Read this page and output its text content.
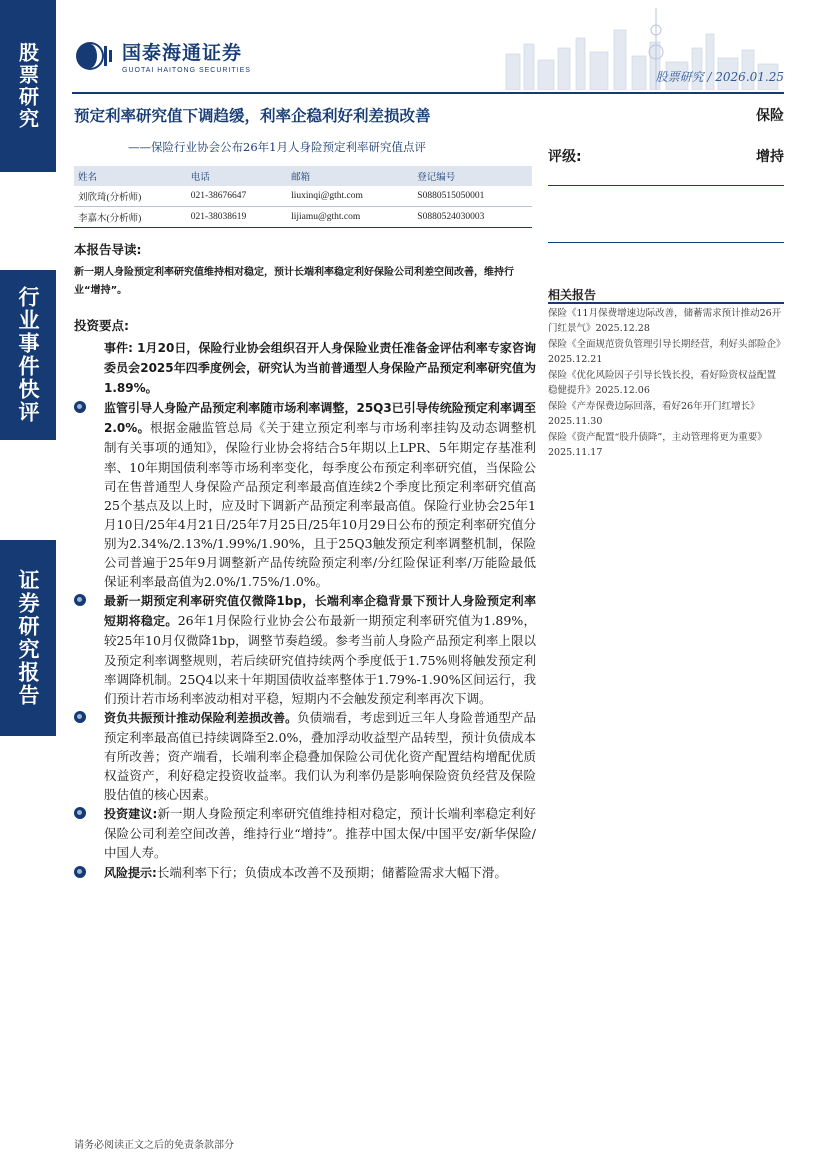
股票研究
行业事件快评
证券研究报告
国泰海通证券
GUOTAI HAITONG SECURITIES	股票研究 / 2026.01.25
预定利率研究值下调趋缓，利率企稳利好利差损改善
——保险行业协会公布26年1月人身险预定利率研究值点评
保险
评级:	增持
姓名	电话	邮箱	登记编号
刘欣琦(分析师)	021-38676647	liuxinqi@gtht.com	S0880515050001
李嘉木(分析师)	021-38038619	lijiamu@gtht.com	S0880524030003
本报告导读:
新一期人身险预定利率研究值维持相对稳定，预计长端利率稳定利好保险公司利差空间改善，维持行业“增持”。
投资要点:
事件: 1月20日，保险行业协会组织召开人身保险业责任准备金评估利率专家咨询委员会2025年四季度例会，研究认为当前普通型人身保险产品预定利率研究值为1.89%。
监管引导人身险产品预定利率随市场利率调整，25Q3已引导传统险预定利率调至2.0%。根据金融监管总局《关于建立预定利率与市场利率挂钩及动态调整机制有关事项的通知》，保险行业协会将结合5年期以上LPR、5年期定存基准利率、10年期国债利率等市场利率变化，每季度公布预定利率研究值，当保险公司在售普通型人身保险产品预定利率最高值连续2个季度比预定利率研究值高25个基点及以上时，应及时下调新产品预定利率最高值。保险行业协会25年1月10日/25年4月21日/25年7月25日/25年10月29日公布的预定利率研究值分别为2.34%/2.13%/1.99%/1.90%，且于25Q3触发预定利率调整机制，保险公司普遍于25年9月调整新产品传统险预定利率/分红险保证利率/万能险最低保证利率最高值为2.0%/1.75%/1.0%。
最新一期预定利率研究值仅微降1bp，长端利率企稳背景下预计人身险预定利率短期将稳定。26年1月保险行业协会公布最新一期预定利率研究值为1.89%，较25年10月仅微降1bp，调整节奏趋缓。参考当前人身险产品预定利率上限以及预定利率调整规则，若后续研究值持续两个季度低于1.75%则将触发预定利率调降机制。25Q4以来十年期国债收益率整体于1.79%-1.90%区间运行，我们预计若市场利率波动相对平稳，短期内不会触发预定利率再次下调。
资负共振预计推动保险利差损改善。负债端看，考虑到近三年人身险普通型产品预定利率最高值已持续调降至2.0%，叠加浮动收益型产品转型，预计负债成本有所改善；资产端看，长端利率企稳叠加保险公司优化资产配置结构增配优质权益资产，利好稳定投资收益率。我们认为利率仍是影响保险资负经营及保险股估值的核心因素。
投资建议:新一期人身险预定利率研究值维持相对稳定，预计长端利率稳定利好保险公司利差空间改善，维持行业“增持”。推荐中国太保/中国平安/新华保险/中国人寿。
风险提示:长端利率下行；负债成本改善不及预期；储蓄险需求大幅下滑。
相关报告
保险《11月保费增速边际改善，储蓄需求预计推动26开门红景气》2025.12.28
保险《全面规范资负管理引导长期经营，利好头部险企》2025.12.21
保险《优化风险因子引导长钱长投，看好险资权益配置稳健提升》2025.12.06
保险《产寿保费边际回落，看好26年开门红增长》2025.11.30
保险《资产配置“股升债降”，主动管理将更为重要》2025.11.17
请务必阅读正文之后的免责条款部分
